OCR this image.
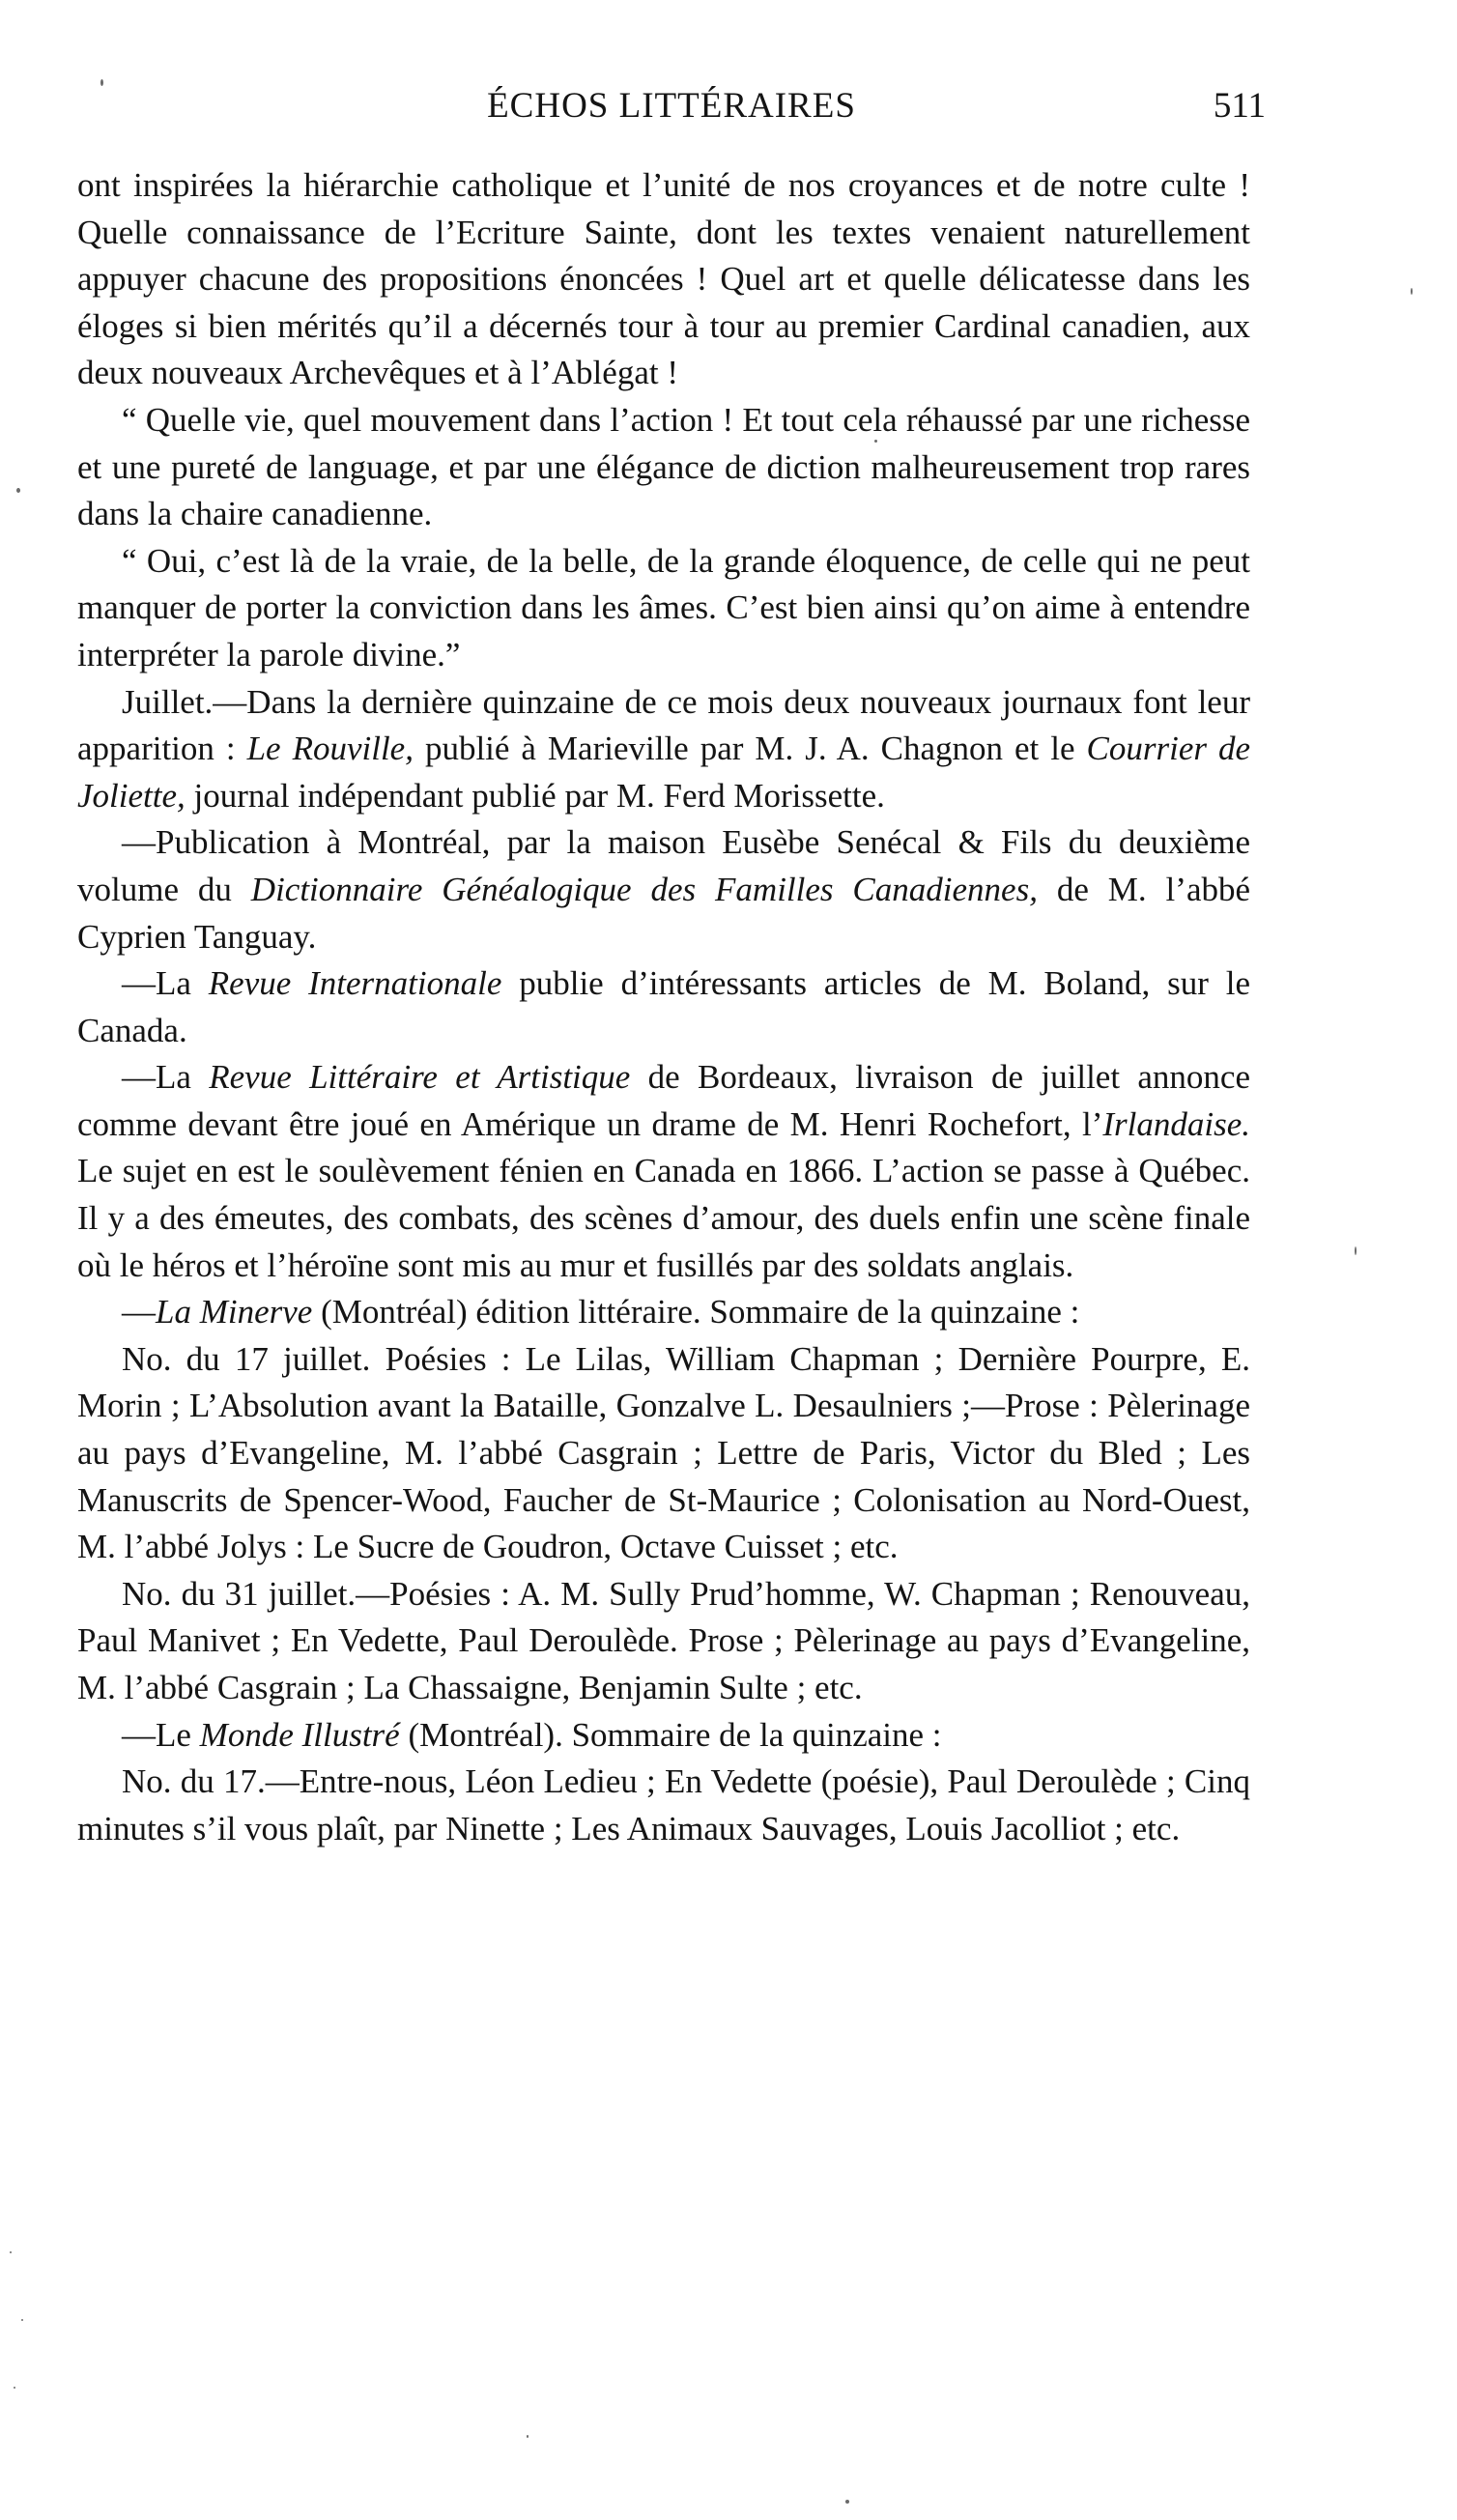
ÉCHOS LITTÉRAIRES	511

ont inspirées la hiérarchie catholique et l’unité de nos croyances et de notre culte ! Quelle connaissance de l’Ecriture Sainte, dont les textes venaient naturellement appuyer chacune des propositions énoncées ! Quel art et quelle délicatesse dans les éloges si bien mérités qu’il a décernés tour à tour au premier Cardinal canadien, aux deux nouveaux Archevêques et à l’Ablégat !

“ Quelle vie, quel mouvement dans l’action ! Et tout cela réhaussé par une richesse et une pureté de language, et par une élégance de diction malheureusement trop rares dans la chaire canadienne.

“ Oui, c’est là de la vraie, de la belle, de la grande éloquence, de celle qui ne peut manquer de porter la conviction dans les âmes. C’est bien ainsi qu’on aime à entendre interpréter la parole divine.”

Juillet.—Dans la dernière quinzaine de ce mois deux nouveaux journaux font leur apparition : Le Rouville, publié à Marieville par M. J. A. Chagnon et le Courrier de Joliette, journal indépendant publié par M. Ferd Morissette.

—Publication à Montréal, par la maison Eusèbe Senécal & Fils du deuxième volume du Dictionnaire Généalogique des Familles Canadiennes, de M. l’abbé Cyprien Tanguay.

—La Revue Internationale publie d’intéressants articles de M. Boland, sur le Canada.

—La Revue Littéraire et Artistique de Bordeaux, livraison de juillet annonce comme devant être joué en Amérique un drame de M. Henri Rochefort, l’Irlandaise. Le sujet en est le soulèvement fénien en Canada en 1866. L’action se passe à Québec. Il y a des émeutes, des combats, des scènes d’amour, des duels enfin une scène finale où le héros et l’héroïne sont mis au mur et fusillés par des soldats anglais.

—La Minerve (Montréal) édition littéraire. Sommaire de la quinzaine :

No. du 17 juillet. Poésies : Le Lilas, William Chapman ; Dernière Pourpre, E. Morin ; L’Absolution avant la Bataille, Gonzalve L. Desaulniers ;—Prose : Pèlerinage au pays d’Evangeline, M. l’abbé Casgrain ; Lettre de Paris, Victor du Bled ; Les Manuscrits de Spencer-Wood, Faucher de St-Maurice ; Colonisation au Nord-Ouest, M. l’abbé Jolys : Le Sucre de Goudron, Octave Cuisset ; etc.

No. du 31 juillet.—Poésies : A. M. Sully Prud’homme, W. Chapman ; Renouveau, Paul Manivet ; En Vedette, Paul Deroulède. Prose ; Pèlerinage au pays d’Evangeline, M. l’abbé Casgrain ; La Chassaigne, Benjamin Sulte ; etc.

—Le Monde Illustré (Montréal). Sommaire de la quinzaine :

No. du 17.—Entre-nous, Léon Ledieu ; En Vedette (poésie), Paul Deroulède ; Cinq minutes s’il vous plaît, par Ninette ; Les Animaux Sauvages, Louis Jacolliot ; etc.
